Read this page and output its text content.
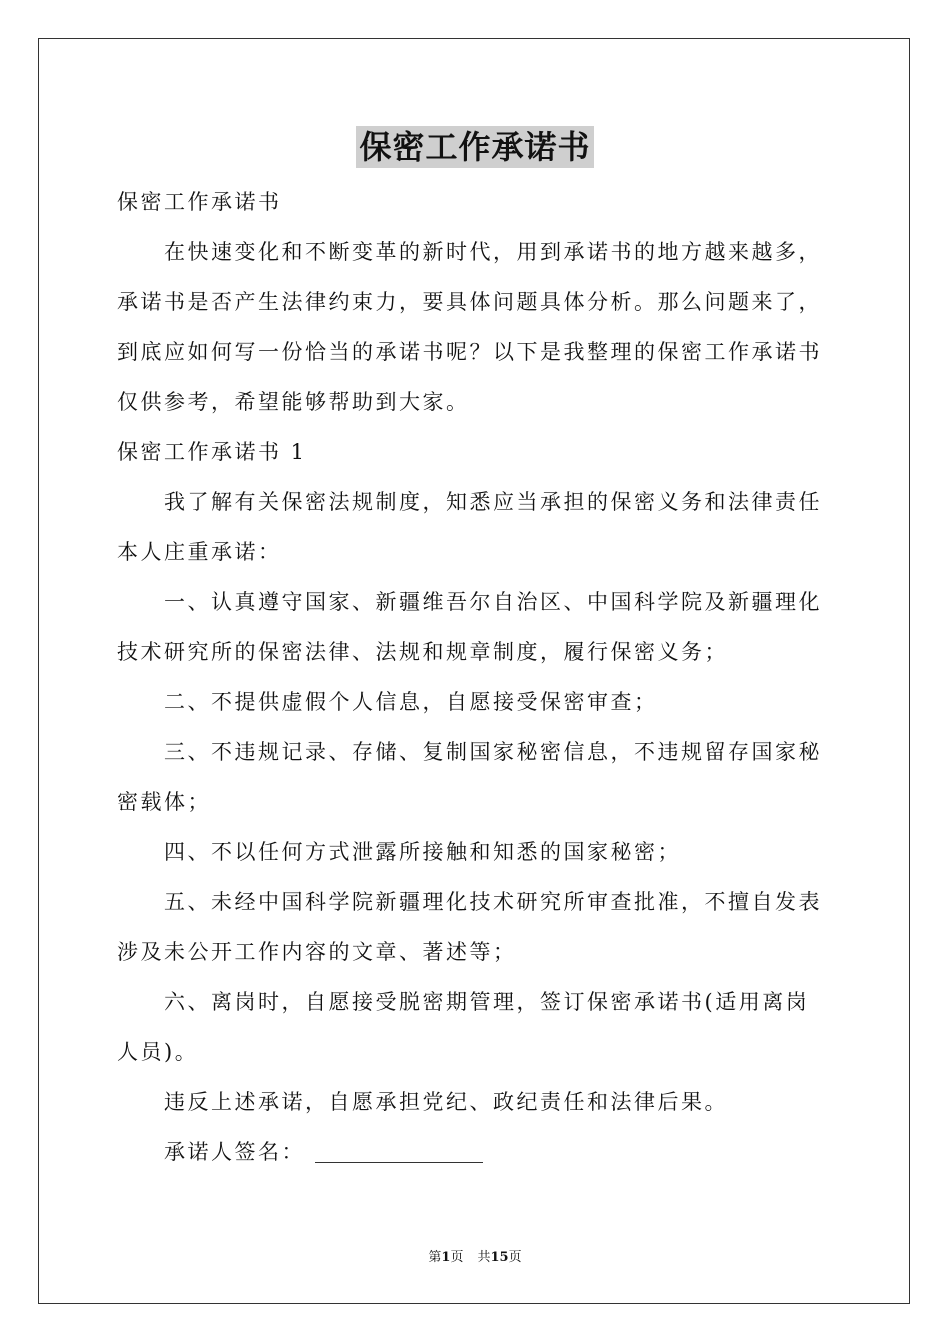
保密工作承诺书
保密工作承诺书
在快速变化和不断变革的新时代，用到承诺书的地方越来越多，
承诺书是否产生法律约束力，要具体问题具体分析。那么问题来了，
到底应如何写一份恰当的承诺书呢？以下是我整理的保密工作承诺书
仅供参考，希望能够帮助到大家。
保密工作承诺书 1
我了解有关保密法规制度，知悉应当承担的保密义务和法律责任
本人庄重承诺：
一、认真遵守国家、新疆维吾尔自治区、中国科学院及新疆理化
技术研究所的保密法律、法规和规章制度，履行保密义务；
二、不提供虚假个人信息，自愿接受保密审查；
三、不违规记录、存储、复制国家秘密信息，不违规留存国家秘
密载体；
四、不以任何方式泄露所接触和知悉的国家秘密；
五、未经中国科学院新疆理化技术研究所审查批准，不擅自发表
涉及未公开工作内容的文章、著述等；
六、离岗时，自愿接受脱密期管理，签订保密承诺书(适用离岗
人员)。
违反上述承诺，自愿承担党纪、政纪责任和法律后果。
承诺人签名：
第1页 共15页
